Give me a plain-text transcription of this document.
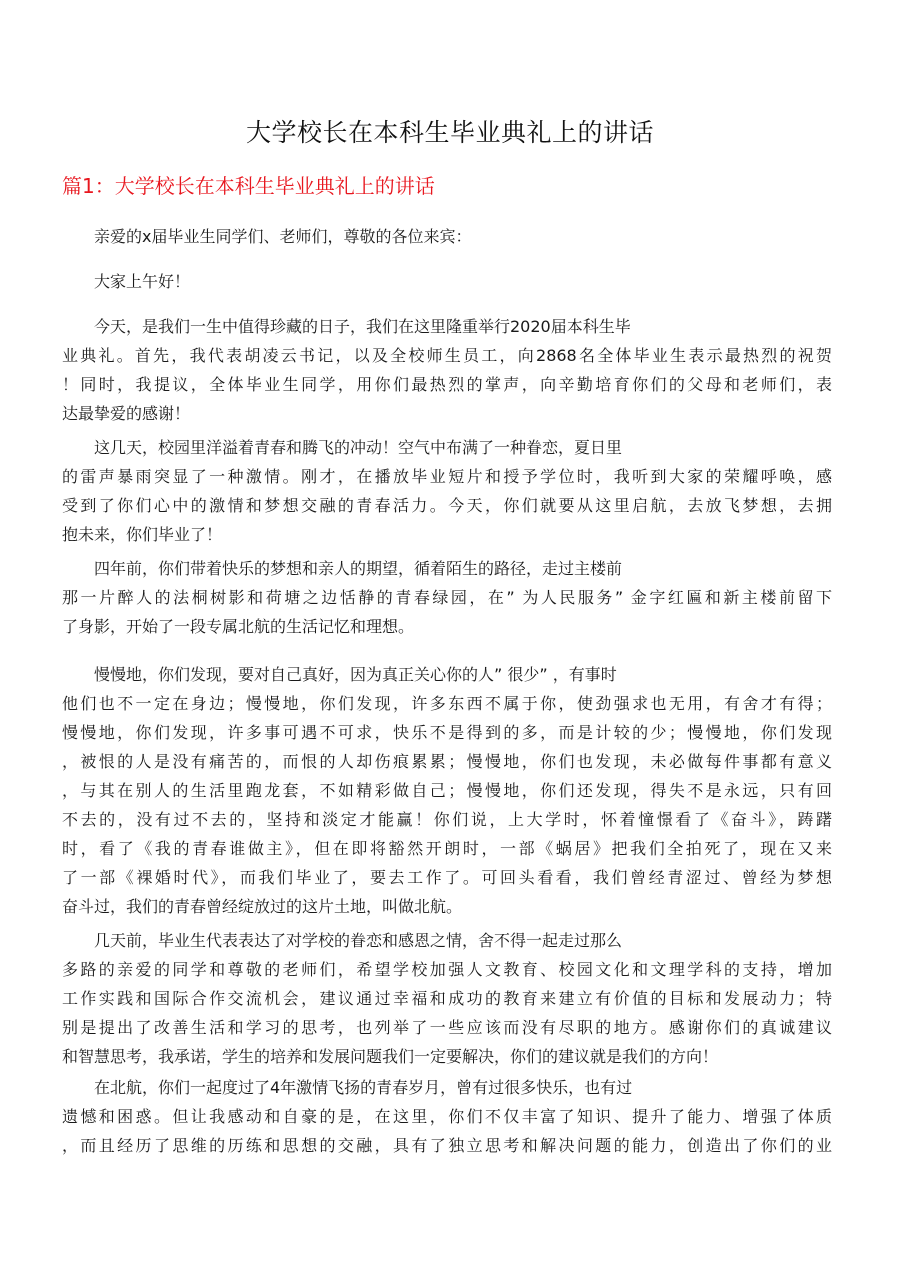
大学校长在本科生毕业典礼上的讲话
篇1：大学校长在本科生毕业典礼上的讲话

亲爱的x届毕业生同学们、老师们，尊敬的各位来宾：

大家上午好！

今天，是我们一生中值得珍藏的日子，我们在这里隆重举行2020届本科生毕
业典礼。首先，我代表胡凌云书记，以及全校师生员工，向2868名全体毕业生表示最热烈的祝贺
！同时，我提议，全体毕业生同学，用你们最热烈的掌声，向辛勤培育你们的父母和老师们，表
达最挚爱的感谢！

这几天，校园里洋溢着青春和腾飞的冲动！空气中布满了一种眷恋，夏日里
的雷声暴雨突显了一种激情。刚才，在播放毕业短片和授予学位时，我听到大家的荣耀呼唤，感
受到了你们心中的激情和梦想交融的青春活力。今天，你们就要从这里启航，去放飞梦想，去拥
抱未来，你们毕业了！

四年前，你们带着快乐的梦想和亲人的期望，循着陌生的路径，走过主楼前
那一片醉人的法桐树影和荷塘之边恬静的青春绿园，在” 为人民服务” 金字红匾和新主楼前留下
了身影，开始了一段专属北航的生活记忆和理想。

慢慢地，你们发现，要对自己真好，因为真正关心你的人” 很少” ，有事时
他们也不一定在身边；慢慢地，你们发现，许多东西不属于你，使劲强求也无用，有舍才有得；
慢慢地，你们发现，许多事可遇不可求，快乐不是得到的多，而是计较的少；慢慢地，你们发现
，被恨的人是没有痛苦的，而恨的人却伤痕累累；慢慢地，你们也发现，未必做每件事都有意义
，与其在别人的生活里跑龙套，不如精彩做自己；慢慢地，你们还发现，得失不是永远，只有回
不去的，没有过不去的，坚持和淡定才能赢！你们说，上大学时，怀着憧憬看了《奋斗》，踌躇
时，看了《我的青春谁做主》，但在即将豁然开朗时，一部《蜗居》把我们全拍死了，现在又来
了一部《裸婚时代》，而我们毕业了，要去工作了。可回头看看，我们曾经青涩过、曾经为梦想
奋斗过，我们的青春曾经绽放过的这片土地，叫做北航。

几天前，毕业生代表表达了对学校的眷恋和感恩之情，舍不得一起走过那么
多路的亲爱的同学和尊敬的老师们，希望学校加强人文教育、校园文化和文理学科的支持，增加
工作实践和国际合作交流机会，建议通过幸福和成功的教育来建立有价值的目标和发展动力；特
别是提出了改善生活和学习的思考，也列举了一些应该而没有尽职的地方。感谢你们的真诚建议
和智慧思考，我承诺，学生的培养和发展问题我们一定要解决，你们的建议就是我们的方向！

在北航，你们一起度过了4年激情飞扬的青春岁月，曾有过很多快乐，也有过
遗憾和困惑。但让我感动和自豪的是，在这里，你们不仅丰富了知识、提升了能力、增强了体质
，而且经历了思维的历练和思想的交融，具有了独立思考和解决问题的能力，创造出了你们的业
